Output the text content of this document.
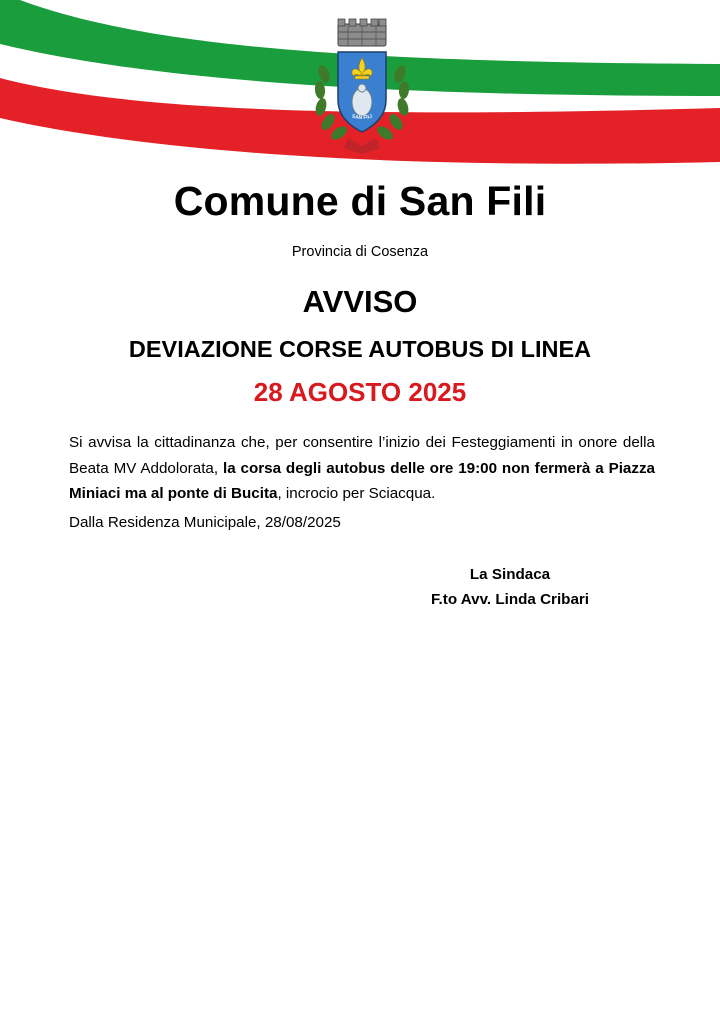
SAN FILI
Comune di San Fili

Provincia di Cosenza

AVVISO
DEVIAZIONE CORSE AUTOBUS DI LINEA
28 AGOSTO 2025

Si avvisa la cittadinanza che, per consentire l’inizio dei Festeggiamenti in onore della Beata MV Addolorata, la corsa degli autobus delle ore 19:00 non fermerà a Piazza Miniaci ma al ponte di Bucita, incrocio per Sciacqua.

Dalla Residenza Municipale, 28/08/2025

La Sindaca
F.to Avv. Linda Cribari
